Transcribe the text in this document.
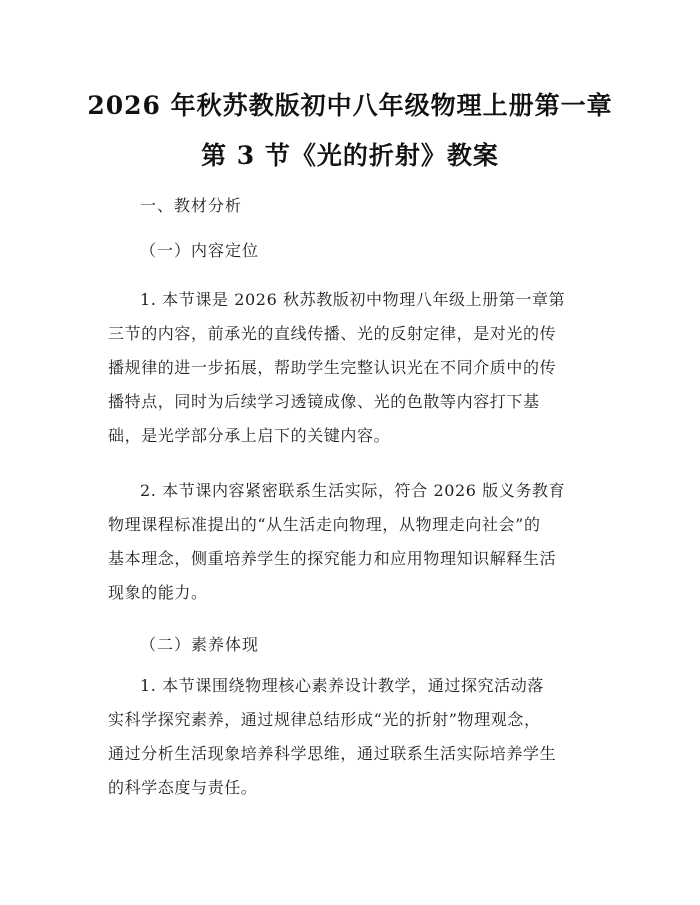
2026 年秋苏教版初中八年级物理上册第一章
第 3 节《光的折射》教案
一、教材分析
（一）内容定位
1. 本节课是 2026 秋苏教版初中物理八年级上册第一章第
三节的内容，前承光的直线传播、光的反射定律，是对光的传
播规律的进一步拓展，帮助学生完整认识光在不同介质中的传
播特点，同时为后续学习透镜成像、光的色散等内容打下基
础，是光学部分承上启下的关键内容。
2. 本节课内容紧密联系生活实际，符合 2026 版义务教育
物理课程标准提出的“从生活走向物理，从物理走向社会”的
基本理念，侧重培养学生的探究能力和应用物理知识解释生活
现象的能力。
（二）素养体现
1. 本节课围绕物理核心素养设计教学，通过探究活动落
实科学探究素养，通过规律总结形成“光的折射”物理观念，
通过分析生活现象培养科学思维，通过联系生活实际培养学生
的科学态度与责任。
